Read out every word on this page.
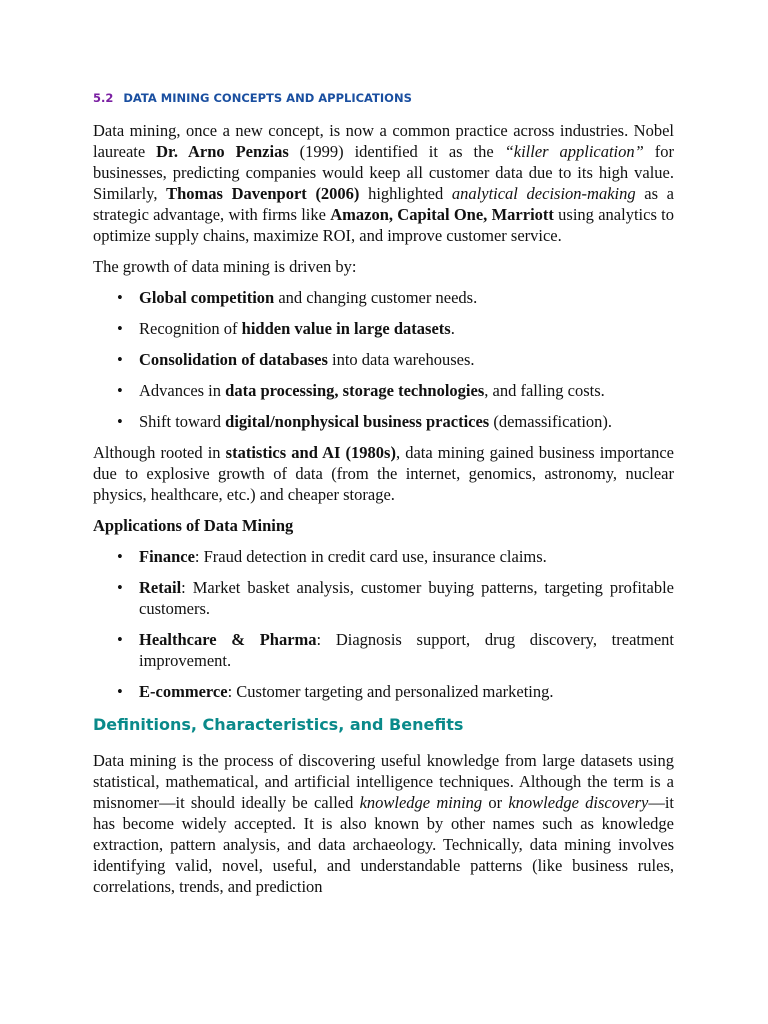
5.2 DATA MINING CONCEPTS AND APPLICATIONS

Data mining, once a new concept, is now a common practice across industries. Nobel laureate Dr. Arno Penzias (1999) identified it as the “killer application” for businesses, predicting companies would keep all customer data due to its high value. Similarly, Thomas Davenport (2006) highlighted analytical decision-making as a strategic advantage, with firms like Amazon, Capital One, Marriott using analytics to optimize supply chains, maximize ROI, and improve customer service.

The growth of data mining is driven by:

• Global competition and changing customer needs.
• Recognition of hidden value in large datasets.
• Consolidation of databases into data warehouses.
• Advances in data processing, storage technologies, and falling costs.
• Shift toward digital/nonphysical business practices (demassification).

Although rooted in statistics and AI (1980s), data mining gained business importance due to explosive growth of data (from the internet, genomics, astronomy, nuclear physics, healthcare, etc.) and cheaper storage.

Applications of Data Mining

• Finance: Fraud detection in credit card use, insurance claims.
• Retail: Market basket analysis, customer buying patterns, targeting profitable customers.
• Healthcare & Pharma: Diagnosis support, drug discovery, treatment improvement.
• E-commerce: Customer targeting and personalized marketing.
Definitions, Characteristics, and Benefits

Data mining is the process of discovering useful knowledge from large datasets using statistical, mathematical, and artificial intelligence techniques. Although the term is a misnomer—it should ideally be called knowledge mining or knowledge discovery—it has become widely accepted. It is also known by other names such as knowledge extraction, pattern analysis, and data archaeology. Technically, data mining involves identifying valid, novel, useful, and understandable patterns (like business rules, correlations, trends, and prediction
